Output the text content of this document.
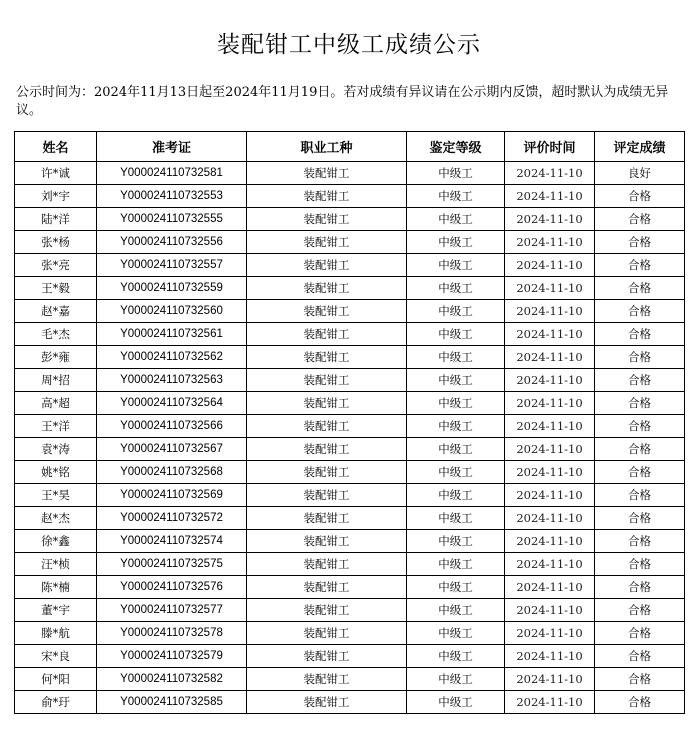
装配钳工中级工成绩公示
公示时间为：2024年11月13日起至2024年11月19日。若对成绩有异议请在公示期内反馈，超时默认为成绩无异议。
姓名	准考证	职业工种	鉴定等级	评价时间	评定成绩
许*诚	Y000024110732581	装配钳工	中级工	2024-11-10	良好
刘*宇	Y000024110732553	装配钳工	中级工	2024-11-10	合格
陆*洋	Y000024110732555	装配钳工	中级工	2024-11-10	合格
张*杨	Y000024110732556	装配钳工	中级工	2024-11-10	合格
张*亮	Y000024110732557	装配钳工	中级工	2024-11-10	合格
王*毅	Y000024110732559	装配钳工	中级工	2024-11-10	合格
赵*嘉	Y000024110732560	装配钳工	中级工	2024-11-10	合格
毛*杰	Y000024110732561	装配钳工	中级工	2024-11-10	合格
彭*雍	Y000024110732562	装配钳工	中级工	2024-11-10	合格
周*招	Y000024110732563	装配钳工	中级工	2024-11-10	合格
高*超	Y000024110732564	装配钳工	中级工	2024-11-10	合格
王*洋	Y000024110732566	装配钳工	中级工	2024-11-10	合格
袁*涛	Y000024110732567	装配钳工	中级工	2024-11-10	合格
姚*铭	Y000024110732568	装配钳工	中级工	2024-11-10	合格
王*昊	Y000024110732569	装配钳工	中级工	2024-11-10	合格
赵*杰	Y000024110732572	装配钳工	中级工	2024-11-10	合格
徐*鑫	Y000024110732574	装配钳工	中级工	2024-11-10	合格
汪*桢	Y000024110732575	装配钳工	中级工	2024-11-10	合格
陈*楠	Y000024110732576	装配钳工	中级工	2024-11-10	合格
董*宇	Y000024110732577	装配钳工	中级工	2024-11-10	合格
滕*航	Y000024110732578	装配钳工	中级工	2024-11-10	合格
宋*良	Y000024110732579	装配钳工	中级工	2024-11-10	合格
何*阳	Y000024110732582	装配钳工	中级工	2024-11-10	合格
俞*玗	Y000024110732585	装配钳工	中级工	2024-11-10	合格
